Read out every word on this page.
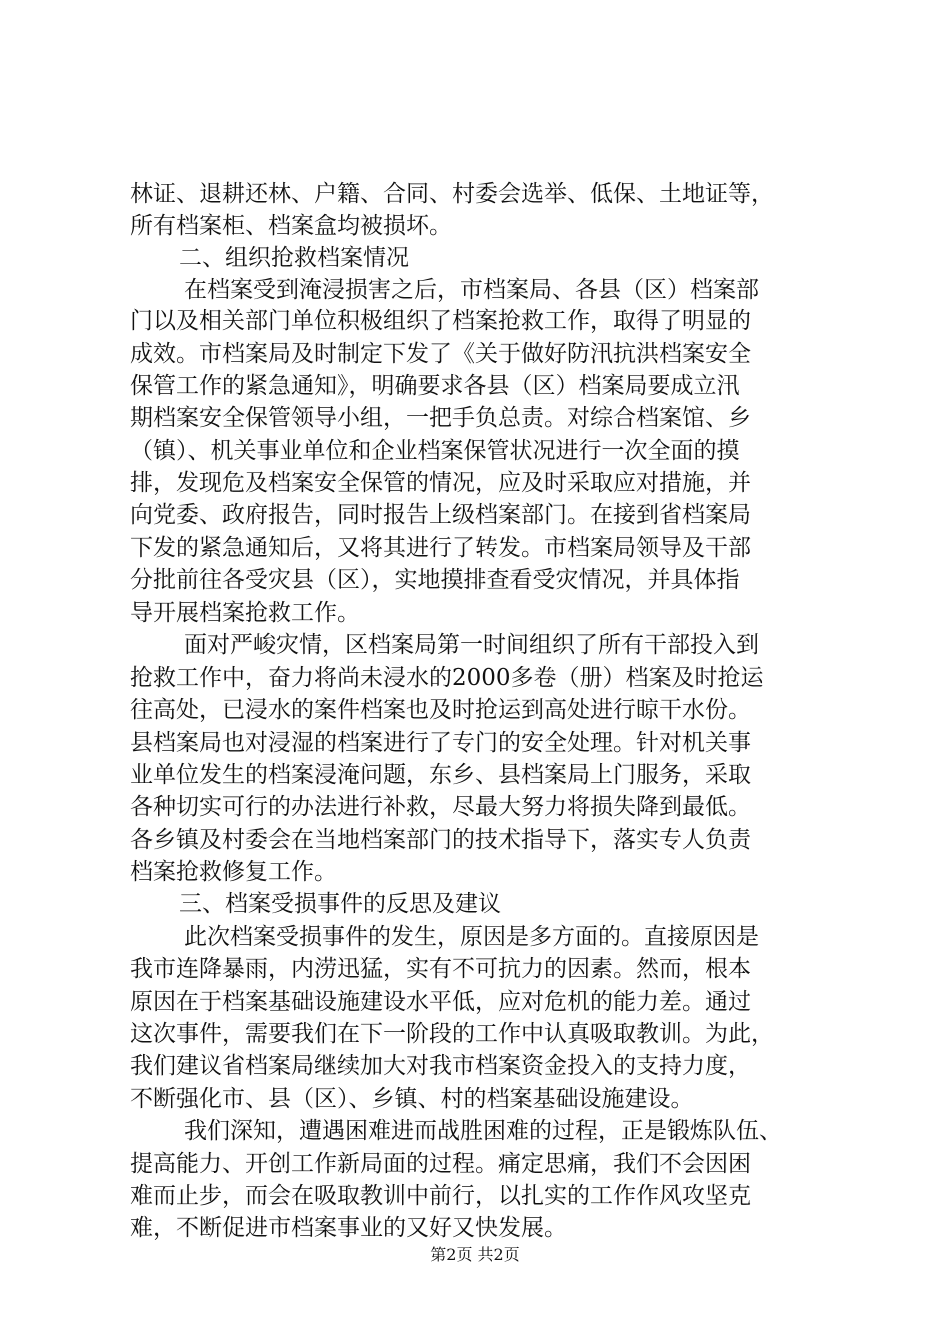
林证、退耕还林、户籍、合同、村委会选举、低保、土地证等，
所有档案柜、档案盒均被损坏。
二、组织抢救档案情况
在档案受到淹浸损害之后，市档案局、各县（区）档案部
门以及相关部门单位积极组织了档案抢救工作，取得了明显的
成效。市档案局及时制定下发了《关于做好防汛抗洪档案安全
保管工作的紧急通知》，明确要求各县（区）档案局要成立汛
期档案安全保管领导小组，一把手负总责。对综合档案馆、乡
（镇）、机关事业单位和企业档案保管状况进行一次全面的摸
排，发现危及档案安全保管的情况，应及时采取应对措施，并
向党委、政府报告，同时报告上级档案部门。在接到省档案局
下发的紧急通知后，又将其进行了转发。市档案局领导及干部
分批前往各受灾县（区），实地摸排查看受灾情况，并具体指
导开展档案抢救工作。
面对严峻灾情，区档案局第一时间组织了所有干部投入到
抢救工作中，奋力将尚未浸水的2000多卷（册）档案及时抢运
往高处，已浸水的案件档案也及时抢运到高处进行晾干水份。
县档案局也对浸湿的档案进行了专门的安全处理。针对机关事
业单位发生的档案浸淹问题，东乡、县档案局上门服务，采取
各种切实可行的办法进行补救，尽最大努力将损失降到最低。
各乡镇及村委会在当地档案部门的技术指导下，落实专人负责
档案抢救修复工作。
三、档案受损事件的反思及建议
此次档案受损事件的发生，原因是多方面的。直接原因是
我市连降暴雨，内涝迅猛，实有不可抗力的因素。然而，根本
原因在于档案基础设施建设水平低，应对危机的能力差。通过
这次事件，需要我们在下一阶段的工作中认真吸取教训。为此，
我们建议省档案局继续加大对我市档案资金投入的支持力度，
不断强化市、县（区）、乡镇、村的档案基础设施建设。
我们深知，遭遇困难进而战胜困难的过程，正是锻炼队伍、
提高能力、开创工作新局面的过程。痛定思痛，我们不会因困
难而止步，而会在吸取教训中前行，以扎实的工作作风攻坚克
难，不断促进市档案事业的又好又快发展。
第2页 共2页
